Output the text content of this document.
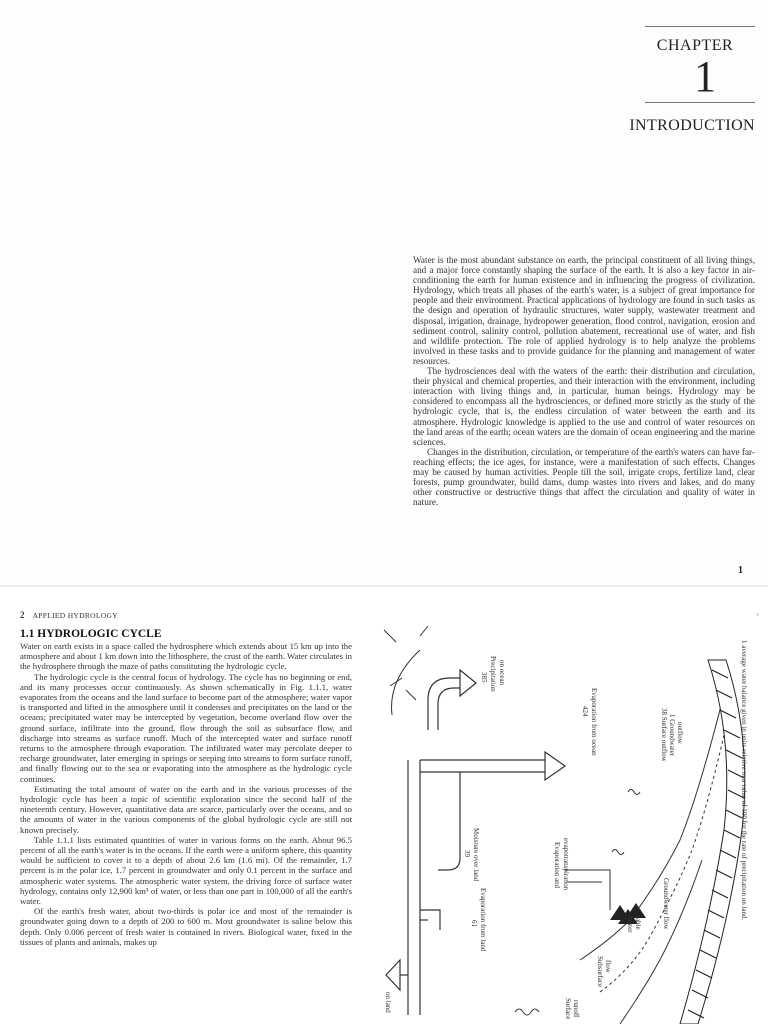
CHAPTER
1
INTRODUCTION

Water is the most abundant substance on earth, the principal constituent of all living things, and a major force constantly shaping the surface of the earth. It is also a key factor in air-conditioning the earth for human existence and in influencing the progress of civilization. Hydrology, which treats all phases of the earth's water, is a subject of great importance for people and their environment. Practical applications of hydrology are found in such tasks as the design and operation of hydraulic structures, water supply, wastewater treatment and disposal, irrigation, drainage, hydropower generation, flood control, navigation, erosion and sediment control, salinity control, pollution abatement, recreational use of water, and fish and wildlife protection. The role of applied hydrology is to help analyze the problems involved in these tasks and to provide guidance for the planning and management of water resources.

The hydrosciences deal with the waters of the earth: their distribution and circulation, their physical and chemical properties, and their interaction with the environment, including interaction with living things and, in particular, human beings. Hydrology may be considered to encompass all the hydrosciences, or defined more strictly as the study of the hydrologic cycle, that is, the endless circulation of water between the earth and its atmosphere. Hydrologic knowledge is applied to the use and control of water resources on the land areas of the earth; ocean waters are the domain of ocean engineering and the marine sciences.

Changes in the distribution, circulation, or temperature of the earth's waters can have far-reaching effects; the ice ages, for instance, were a manifestation of such effects. Changes may be caused by human activities. People till the soil, irrigate crops, fertilize land, clear forests, pump groundwater, build dams, dump wastes into rivers and lakes, and do many other constructive or destructive things that affect the circulation and quality of water in nature.

1
2 APPLIED HYDROLOGY
1.1 HYDROLOGIC CYCLE

Water on earth exists in a space called the hydrosphere which extends about 15 km up into the atmosphere and about 1 km down into the lithosphere, the crust of the earth. Water circulates in the hydrosphere through the maze of paths constituting the hydrologic cycle.

The hydrologic cycle is the central focus of hydrology. The cycle has no beginning or end, and its many processes occur continuously. As shown schematically in Fig. 1.1.1, water evaporates from the oceans and the land surface to become part of the atmosphere; water vapor is transported and lifted in the atmosphere until it condenses and precipitates on the land or the oceans; precipitated water may be intercepted by vegetation, become overland flow over the ground surface, infiltrate into the ground, flow through the soil as subsurface flow, and discharge into streams as surface runoff. Much of the intercepted water and surface runoff returns to the atmosphere through evaporation. The infiltrated water may percolate deeper to recharge groundwater, later emerging in springs or seeping into streams to form surface runoff, and finally flowing out to the sea or evaporating into the atmosphere as the hydrologic cycle continues.

Estimating the total amount of water on the earth and in the various processes of the hydrologic cycle has been a topic of scientific exploration since the second half of the nineteenth century. However, quantitative data are scarce, particularly over the oceans, and so the amounts of water in the various components of the global hydrologic cycle are still not known precisely.

Table 1.1.1 lists estimated quantities of water in various forms on the earth. About 96.5 percent of all the earth's water is in the oceans. If the earth were a uniform sphere, this quantity would be sufficient to cover it to a depth of about 2.6 km (1.6 mi). Of the remainder, 1.7 percent is in the polar ice, 1.7 percent in groundwater and only 0.1 percent in the surface and atmospheric water systems. The atmospheric water system, the driving force of surface water hydrology, contains only 12,900 km³ of water, or less than one part in 100,000 of all the earth's water.

Of the earth's fresh water, about two-thirds is polar ice and most of the remainder is groundwater going down to a depth of 200 to 600 m. Most groundwater is saline below this depth. Only 0.006 percent of fresh water is contained in rivers. Biological water, fixed in the tissues of plants and animals, makes up

'
385 Precipitation on ocean
424 Evaporation from ocean
39 Moisture over land
61 Evaporation from land
Evaporation and evapotranspiration
38 Surface outflow 1 Groundwater outflow
Water table	Groundwater flow
Subsurface flow
Surface runoff
on land
1 average water balance given in units relative to a value of 100 for the rate of precipitation on land.
